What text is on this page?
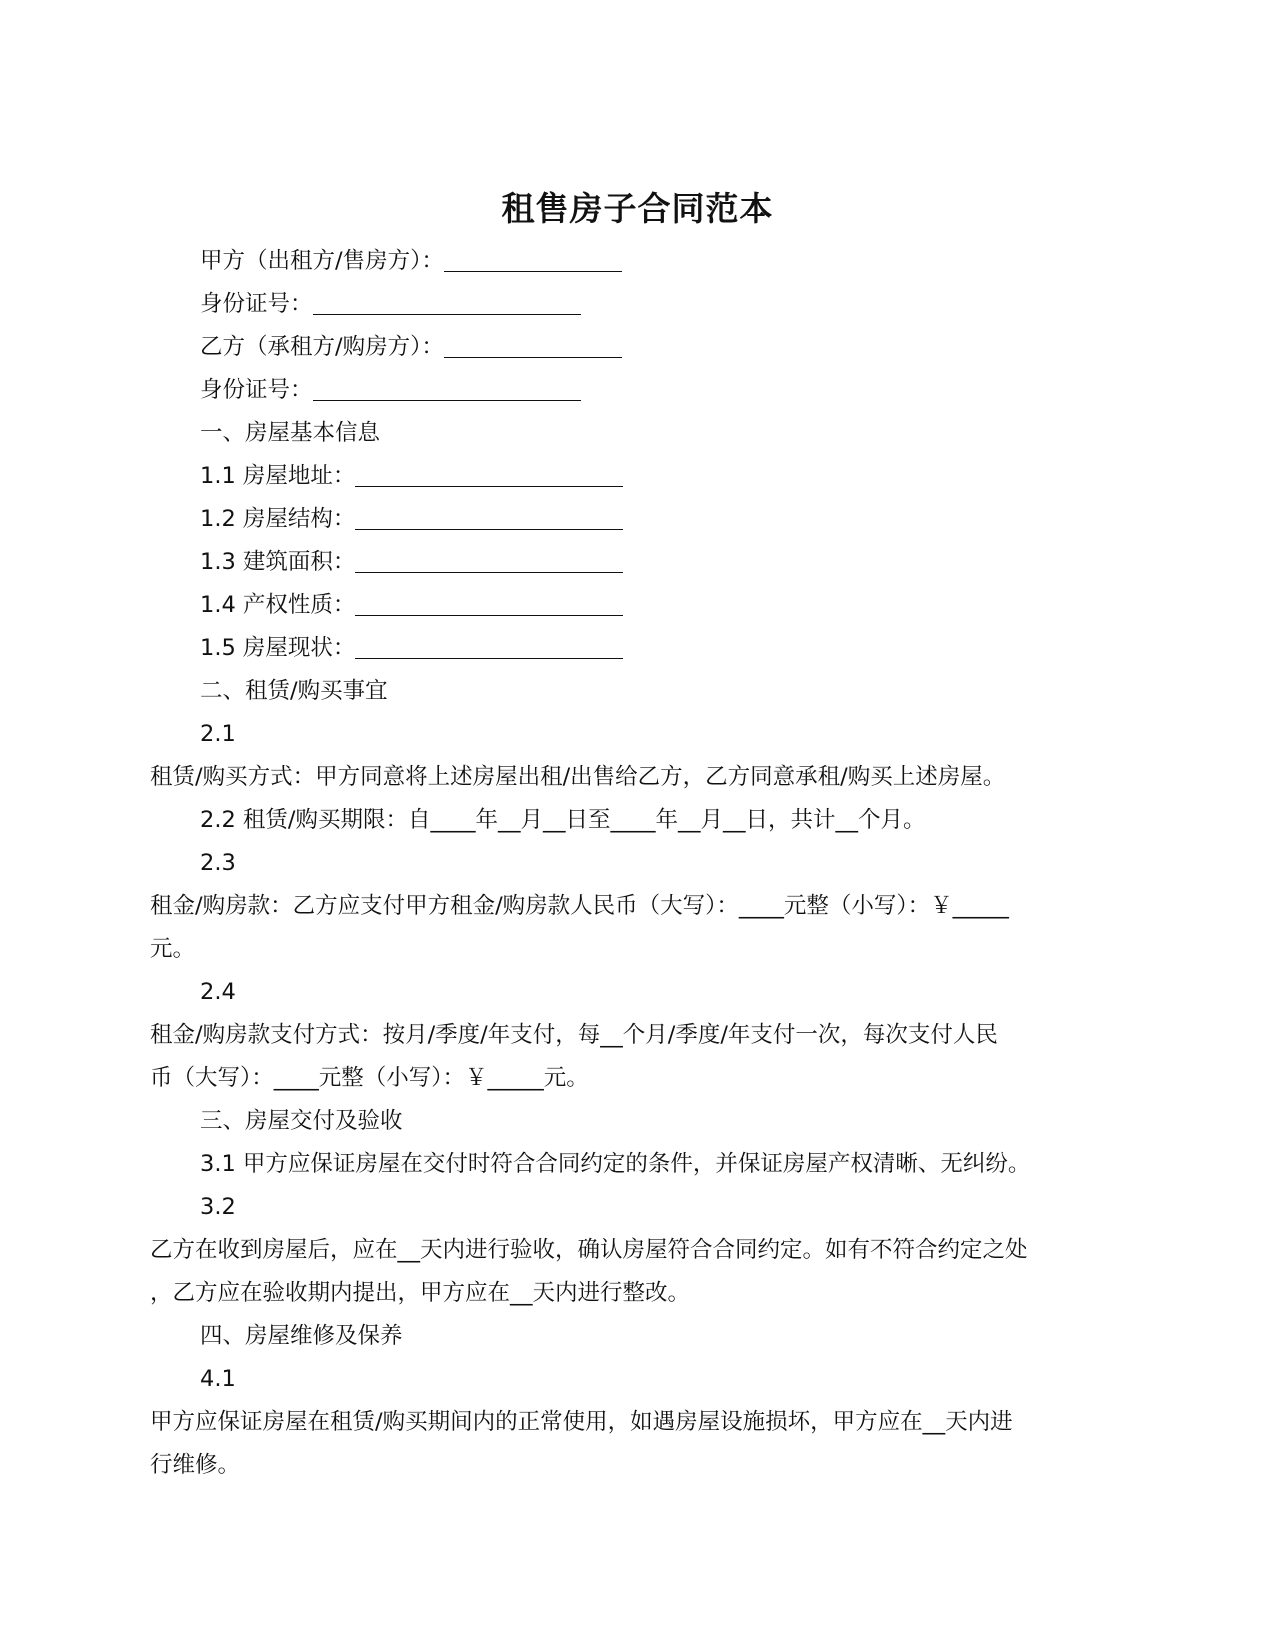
租售房子合同范本
甲方（出租方/售房方）：
身份证号：
乙方（承租方/购房方）：
身份证号：
一、房屋基本信息
1.1 房屋地址：
1.2 房屋结构：
1.3 建筑面积：
1.4 产权性质：
1.5 房屋现状：
二、租赁/购买事宜
2.1
租赁/购买方式：甲方同意将上述房屋出租/出售给乙方，乙方同意承租/购买上述房屋。
2.2 租赁/购买期限：自____年__月__日至____年__月__日，共计__个月。
2.3
租金/购房款：乙方应支付甲方租金/购房款人民币（大写）：____元整（小写）：￥_____
元。
2.4
租金/购房款支付方式：按月/季度/年支付，每__个月/季度/年支付一次，每次支付人民
币（大写）：____元整（小写）：￥_____元。
三、房屋交付及验收
3.1 甲方应保证房屋在交付时符合合同约定的条件，并保证房屋产权清晰、无纠纷。
3.2
乙方在收到房屋后，应在__天内进行验收，确认房屋符合合同约定。如有不符合约定之处
，乙方应在验收期内提出，甲方应在__天内进行整改。
四、房屋维修及保养
4.1
甲方应保证房屋在租赁/购买期间内的正常使用，如遇房屋设施损坏，甲方应在__天内进
行维修。
